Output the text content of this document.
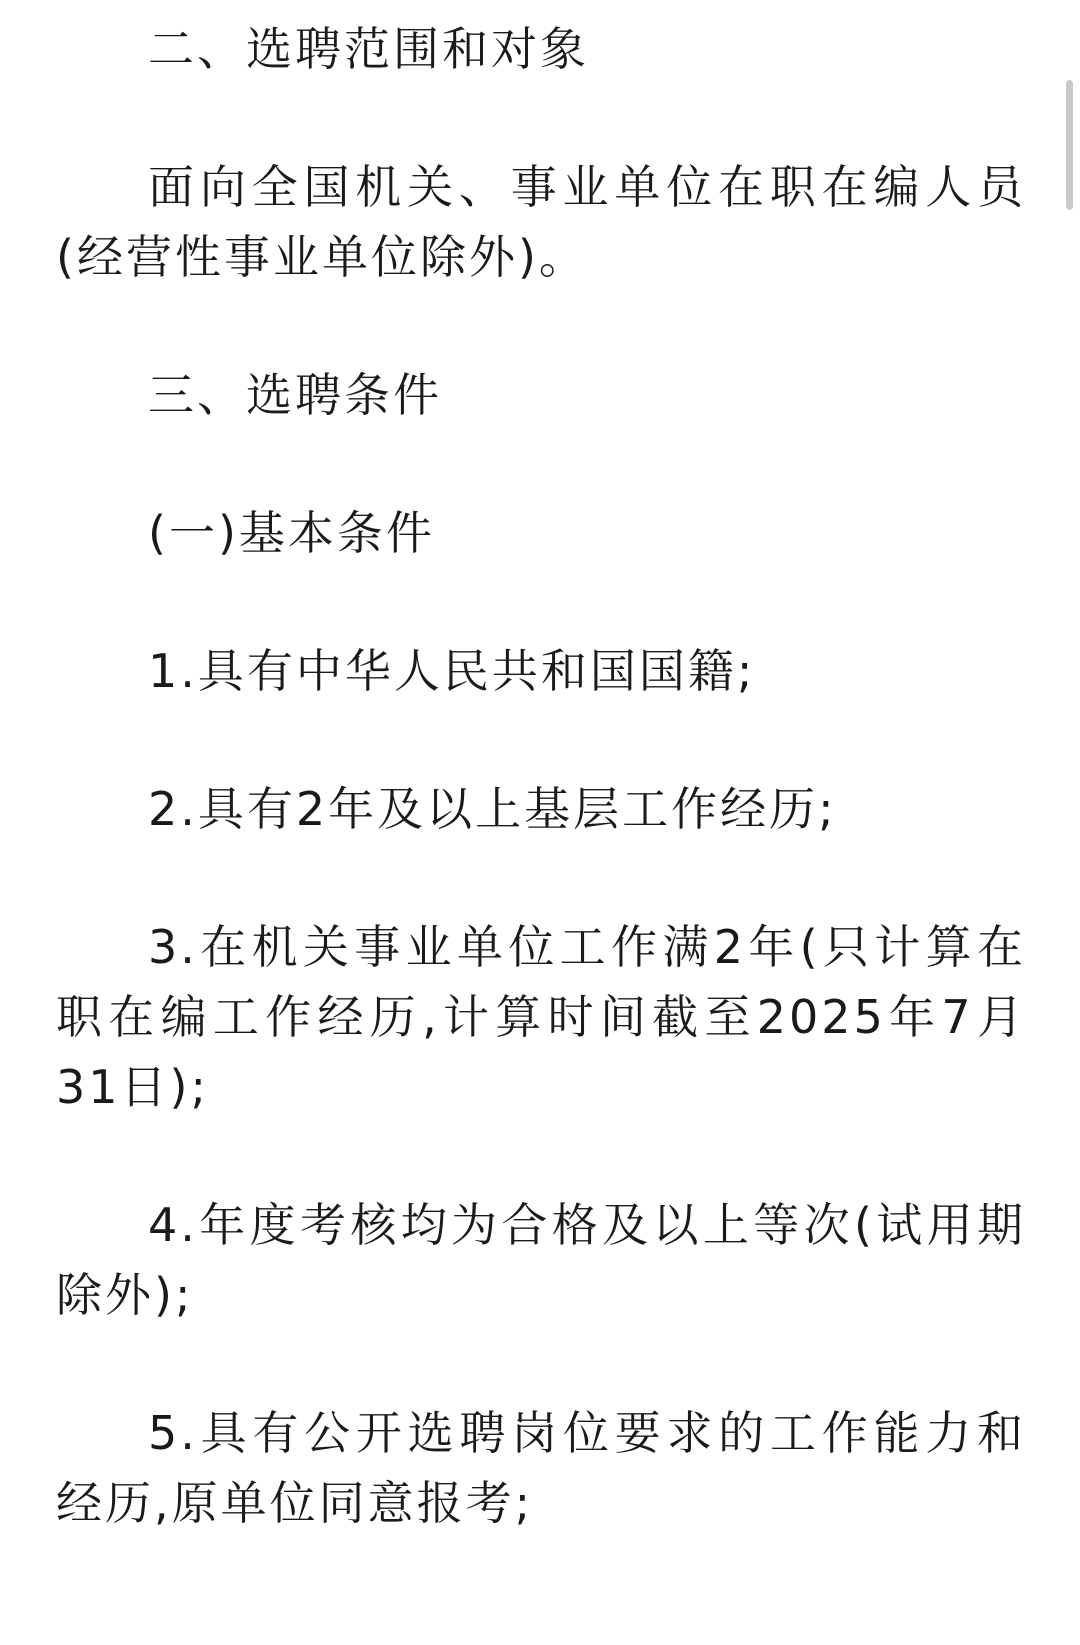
二、选聘范围和对象

面向全国机关、事业单位在职在编人员(经营性事业单位除外)。

三、选聘条件

(一)基本条件

1.具有中华人民共和国国籍;

2.具有2年及以上基层工作经历;

3.在机关事业单位工作满2年(只计算在职在编工作经历,计算时间截至2025年7月31日);

4.年度考核均为合格及以上等次(试用期除外);

5.具有公开选聘岗位要求的工作能力和经历,原单位同意报考;
